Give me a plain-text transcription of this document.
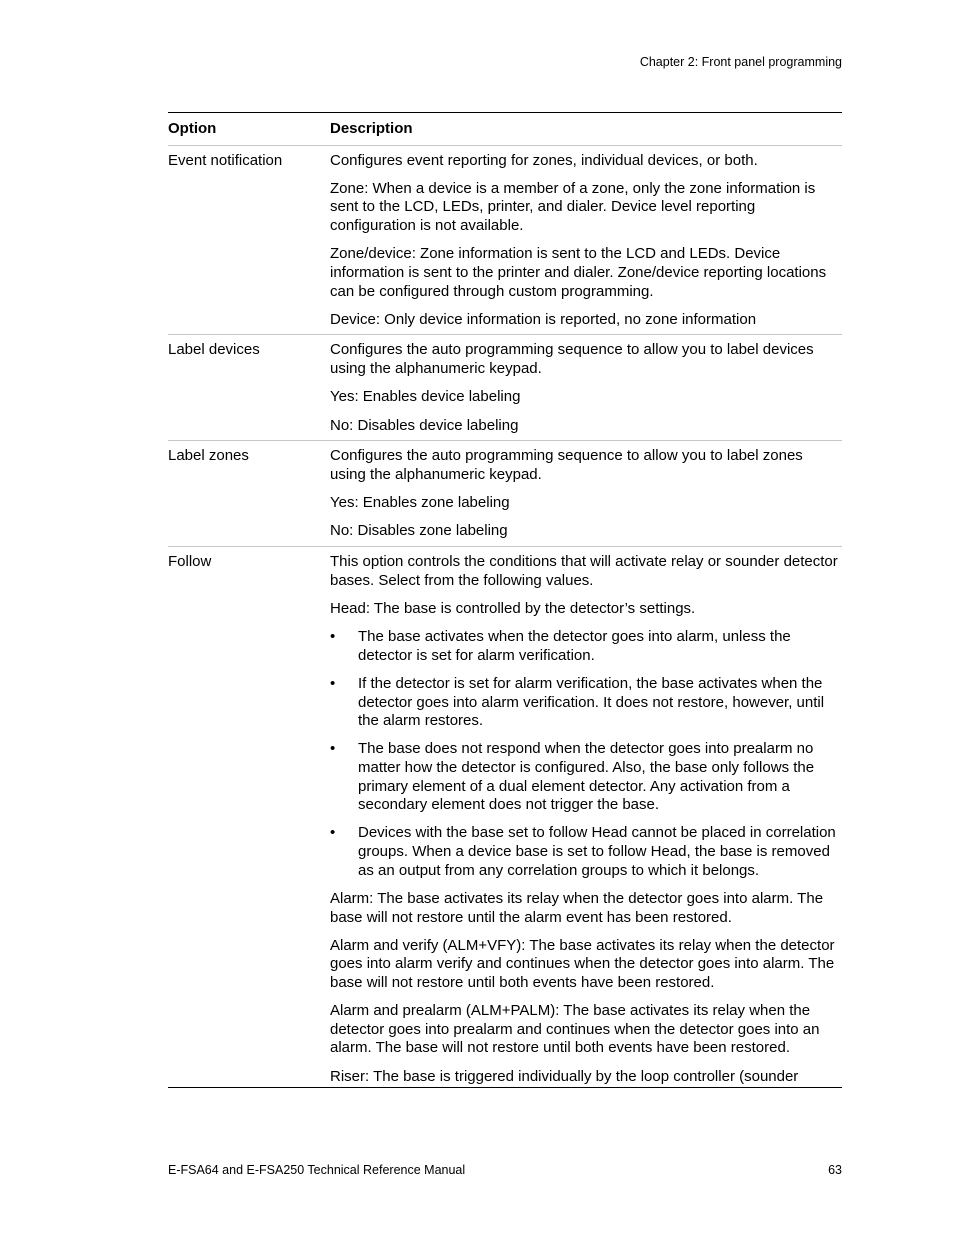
Chapter 2: Front panel programming
Option	Description
Event notification	Configures event reporting for zones, individual devices, or both.

Zone: When a device is a member of a zone, only the zone information is sent to the LCD, LEDs, printer, and dialer. Device level reporting configuration is not available.

Zone/device: Zone information is sent to the LCD and LEDs. Device information is sent to the printer and dialer. Zone/device reporting locations can be configured through custom programming.

Device: Only device information is reported, no zone information

Label devices	Configures the auto programming sequence to allow you to label devices using the alphanumeric keypad.

Yes: Enables device labeling

No: Disables device labeling

Label zones	Configures the auto programming sequence to allow you to label zones using the alphanumeric keypad.

Yes: Enables zone labeling

No: Disables zone labeling

Follow	This option controls the conditions that will activate relay or sounder detector bases. Select from the following values.

Head: The base is controlled by the detector’s settings.

•	The base activates when the detector goes into alarm, unless the detector is set for alarm verification.
•	If the detector is set for alarm verification, the base activates when the detector goes into alarm verification. It does not restore, however, until the alarm restores.
•	The base does not respond when the detector goes into prealarm no matter how the detector is configured. Also, the base only follows the primary element of a dual element detector. Any activation from a secondary element does not trigger the base.
•	Devices with the base set to follow Head cannot be placed in correlation groups. When a device base is set to follow Head, the base is removed as an output from any correlation groups to which it belongs.

Alarm: The base activates its relay when the detector goes into alarm. The base will not restore until the alarm event has been restored.

Alarm and verify (ALM+VFY): The base activates its relay when the detector goes into alarm verify and continues when the detector goes into alarm. The base will not restore until both events have been restored.

Alarm and prealarm (ALM+PALM): The base activates its relay when the detector goes into prealarm and continues when the detector goes into an alarm. The base will not restore until both events have been restored.

Riser: The base is triggered individually by the loop controller (sounder

E-FSA64 and E-FSA250 Technical Reference Manual	63
